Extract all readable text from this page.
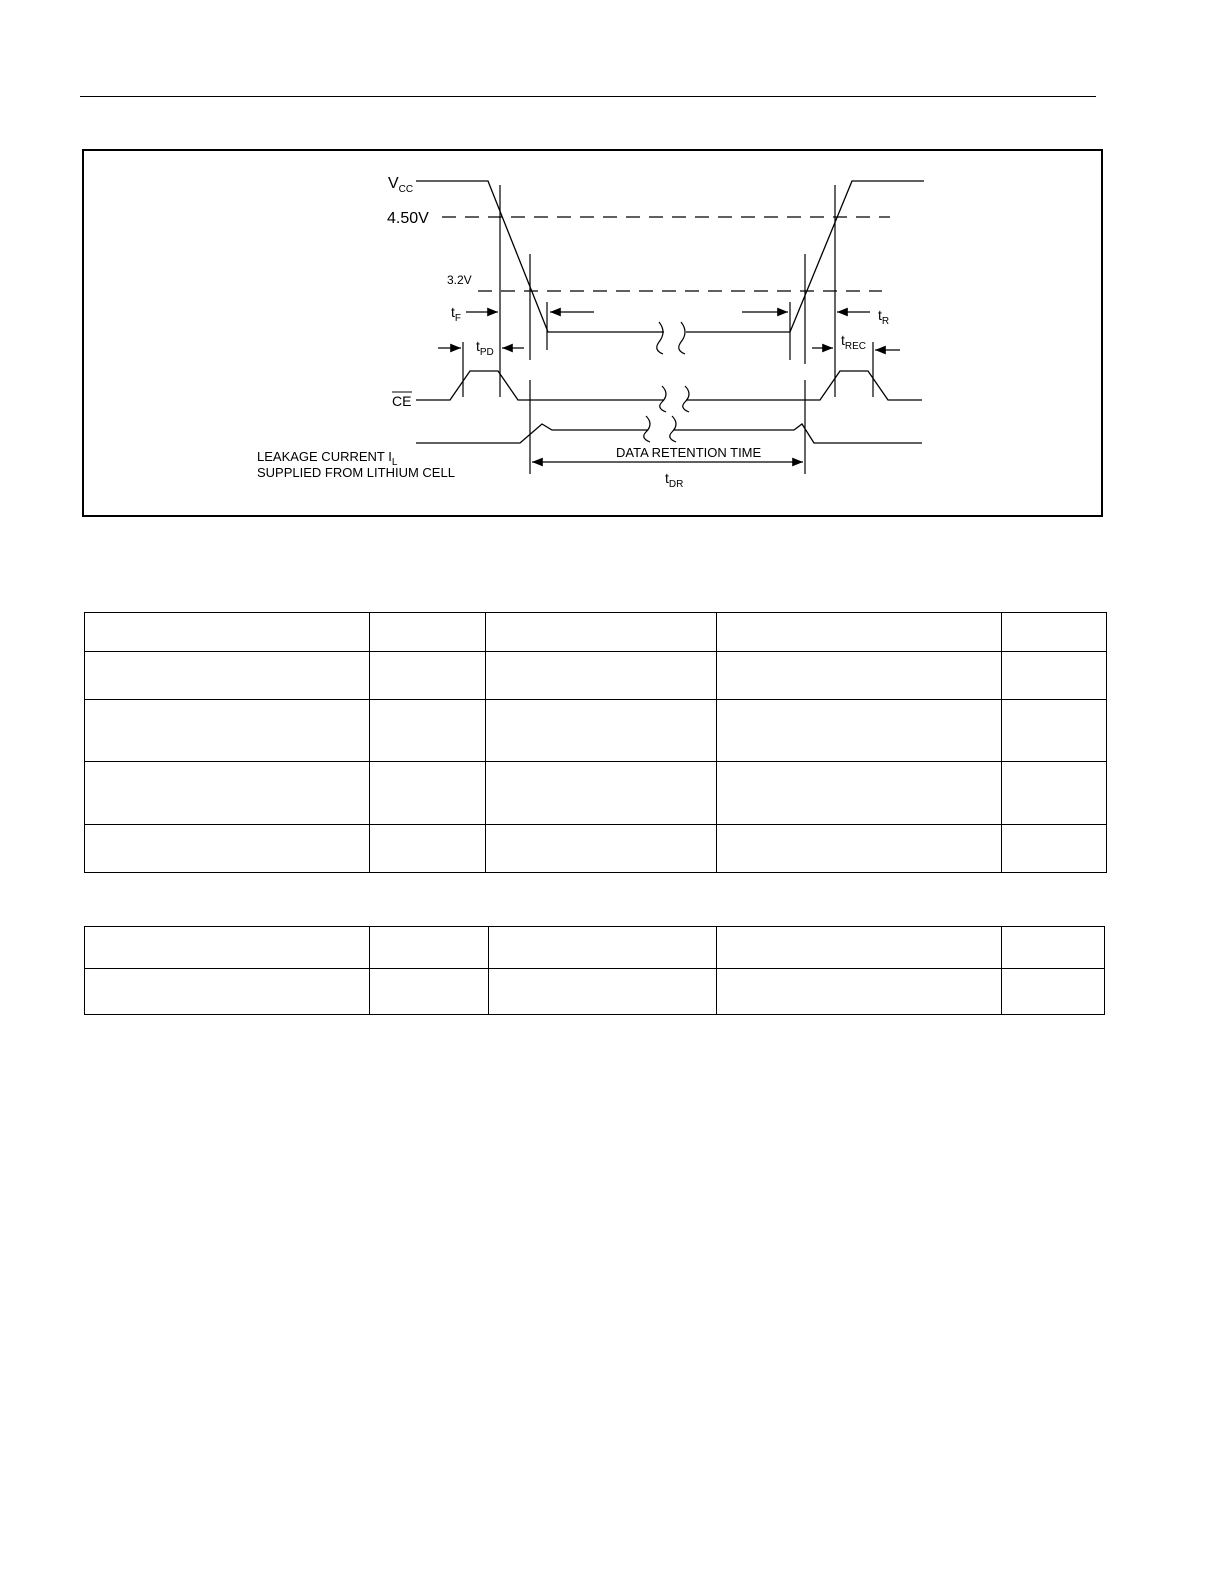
$V_{CC}$
4.50V
3.2V
$t_F$	$t_R$
$t_{PD}$
$t_{REC}$
CE
LEAKAGE CURRENT $I_L$
SUPPLIED FROM LITHIUM CELL
DATA RETENTION TIME
$t_{DR}$
